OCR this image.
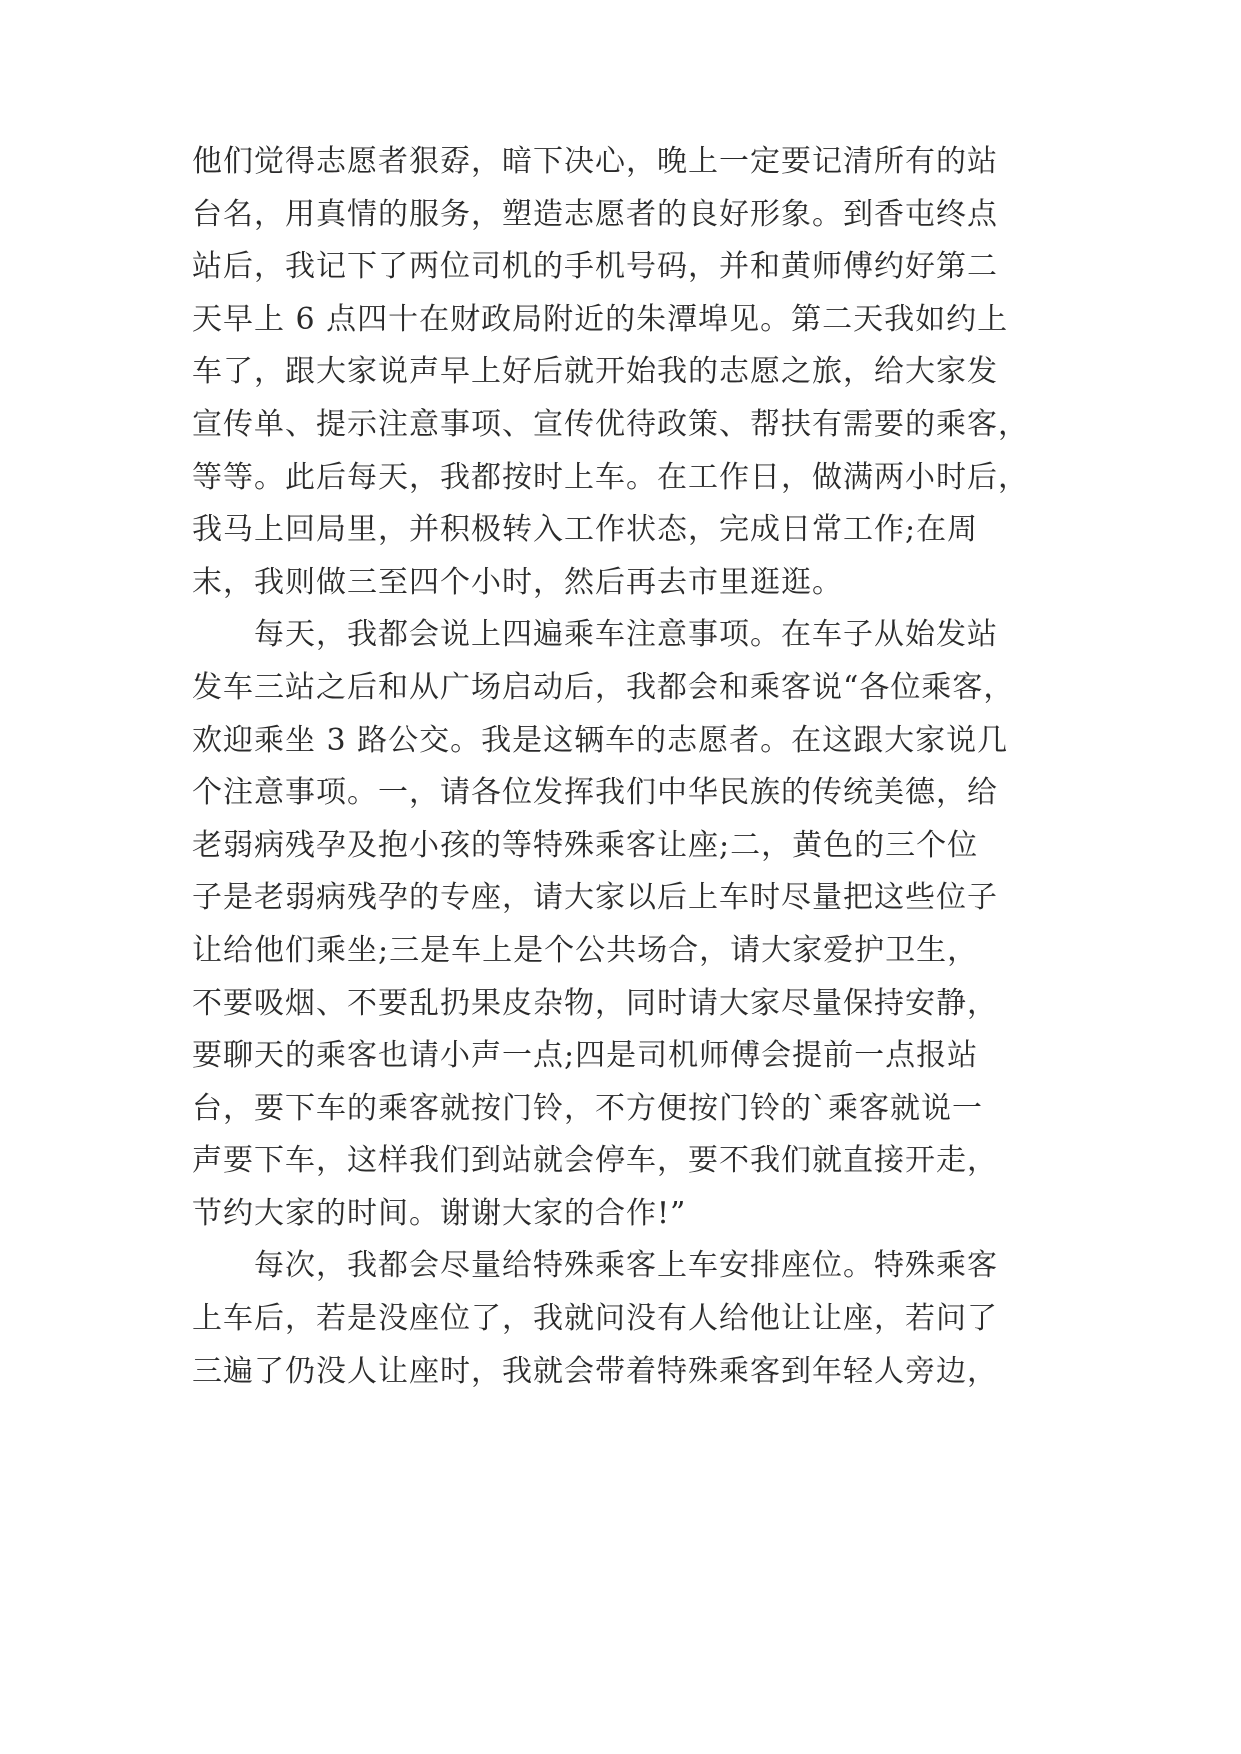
他们觉得志愿者狠孬，暗下决心，晚上一定要记清所有的站
台名，用真情的服务，塑造志愿者的良好形象。到香屯终点
站后，我记下了两位司机的手机号码，并和黄师傅约好第二
天早上 6 点四十在财政局附近的朱潭埠见。第二天我如约上
车了，跟大家说声早上好后就开始我的志愿之旅，给大家发
宣传单、提示注意事项、宣传优待政策、帮扶有需要的乘客，
等等。此后每天，我都按时上车。在工作日，做满两小时后，
我马上回局里，并积极转入工作状态，完成日常工作;在周
末，我则做三至四个小时，然后再去市里逛逛。
　　每天，我都会说上四遍乘车注意事项。在车子从始发站
发车三站之后和从广场启动后，我都会和乘客说“各位乘客，
欢迎乘坐 3 路公交。我是这辆车的志愿者。在这跟大家说几
个注意事项。一，请各位发挥我们中华民族的传统美德，给
老弱病残孕及抱小孩的等特殊乘客让座;二，黄色的三个位
子是老弱病残孕的专座，请大家以后上车时尽量把这些位子
让给他们乘坐;三是车上是个公共场合，请大家爱护卫生，
不要吸烟、不要乱扔果皮杂物，同时请大家尽量保持安静，
要聊天的乘客也请小声一点;四是司机师傅会提前一点报站
台，要下车的乘客就按门铃，不方便按门铃的`乘客就说一
声要下车，这样我们到站就会停车，要不我们就直接开走，
节约大家的时间。谢谢大家的合作!”
　　每次，我都会尽量给特殊乘客上车安排座位。特殊乘客
上车后，若是没座位了，我就问没有人给他让让座，若问了
三遍了仍没人让座时，我就会带着特殊乘客到年轻人旁边，
